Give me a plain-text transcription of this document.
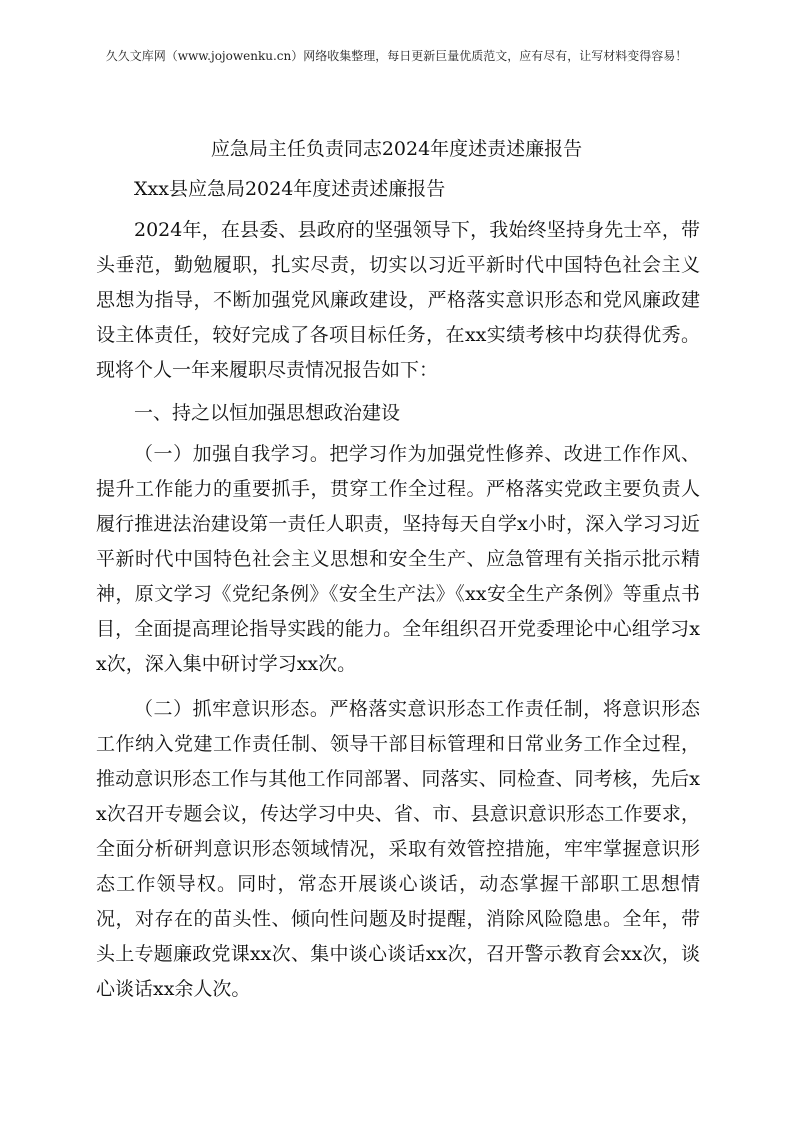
久久文库网（www.jojowenku.cn）网络收集整理，每日更新巨量优质范文，应有尽有，让写材料变得容易！
应急局主任负责同志2024年度述责述廉报告

Xxx县应急局2024年度述责述廉报告

2024年，在县委、县政府的坚强领导下，我始终坚持身先士卒，带头垂范，勤勉履职，扎实尽责，切实以习近平新时代中国特色社会主义思想为指导，不断加强党风廉政建设，严格落实意识形态和党风廉政建设主体责任，较好完成了各项目标任务，在xx实绩考核中均获得优秀。现将个人一年来履职尽责情况报告如下：

一、持之以恒加强思想政治建设

（一）加强自我学习。把学习作为加强党性修养、改进工作作风、提升工作能力的重要抓手，贯穿工作全过程。严格落实党政主要负责人履行推进法治建设第一责任人职责，坚持每天自学x小时，深入学习习近平新时代中国特色社会主义思想和安全生产、应急管理有关指示批示精神，原文学习《党纪条例》《安全生产法》《xx安全生产条例》等重点书目，全面提高理论指导实践的能力。全年组织召开党委理论中心组学习xx次，深入集中研讨学习xx次。

（二）抓牢意识形态。严格落实意识形态工作责任制，将意识形态工作纳入党建工作责任制、领导干部目标管理和日常业务工作全过程，推动意识形态工作与其他工作同部署、同落实、同检查、同考核，先后xx次召开专题会议，传达学习中央、省、市、县意识意识形态工作要求，全面分析研判意识形态领域情况，采取有效管控措施，牢牢掌握意识形态工作领导权。同时，常态开展谈心谈话，动态掌握干部职工思想情况，对存在的苗头性、倾向性问题及时提醒，消除风险隐患。全年，带头上专题廉政党课xx次、集中谈心谈话xx次，召开警示教育会xx次，谈心谈话xx余人次。
